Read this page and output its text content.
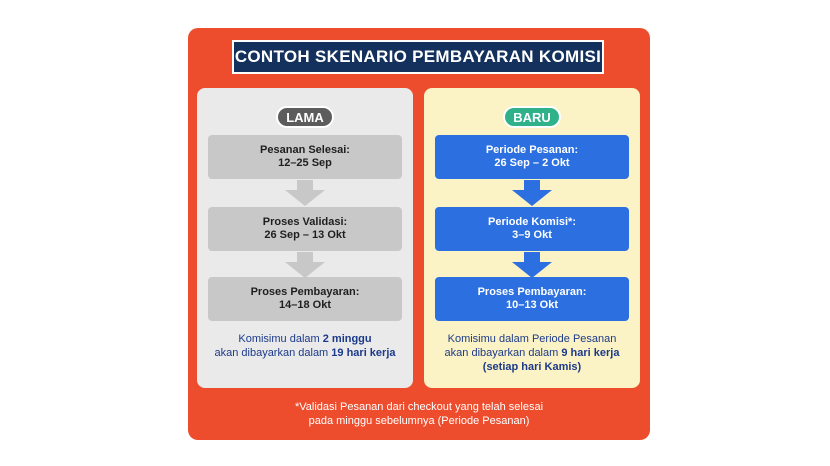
CONTOH SKENARIO PEMBAYARAN KOMISI
LAMA
Pesanan Selesai:
12–25 Sep
Proses Validasi:
26 Sep – 13 Okt
Proses Pembayaran:
14–18 Okt
Komisimu dalam 2 minggu
akan dibayarkan dalam 19 hari kerja
BARU
Periode Pesanan:
26 Sep – 2 Okt
Periode Komisi*:
3–9 Okt
Proses Pembayaran:
10–13 Okt
Komisimu dalam Periode Pesanan
akan dibayarkan dalam 9 hari kerja
(setiap hari Kamis)
*Validasi Pesanan dari checkout yang telah selesai
pada minggu sebelumnya (Periode Pesanan)
